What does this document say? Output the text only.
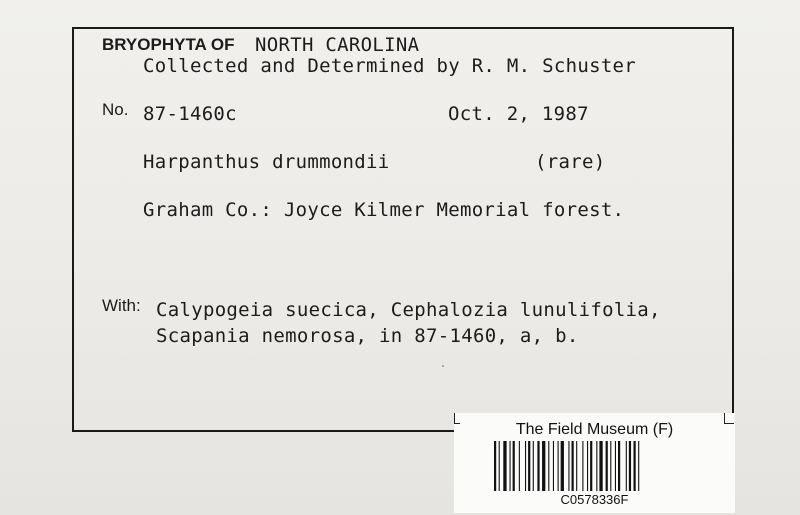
BRYOPHYTA OF NORTH CAROLINA
Collected and Determined by R. M. Schuster
No. 87-1460c	Oct. 2, 1987
Harpanthus drummondii	(rare)
Graham Co.: Joyce Kilmer Memorial forest.
With: Calypogeia suecica, Cephalozia lunulifolia,
Scapania nemorosa, in 87-1460, a, b.
The Field Museum (F)
C0578336F
